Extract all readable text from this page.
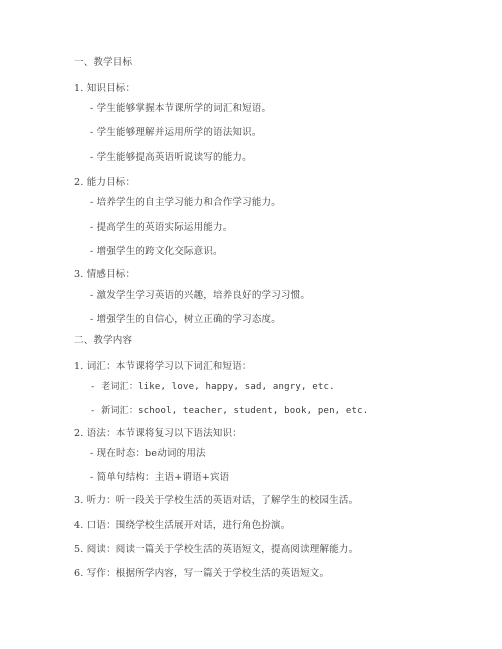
一、教学目标
1. 知识目标：
- 学生能够掌握本节课所学的词汇和短语。
- 学生能够理解并运用所学的语法知识。
- 学生能够提高英语听说读写的能力。
2. 能力目标：
- 培养学生的自主学习能力和合作学习能力。
- 提高学生的英语实际运用能力。
- 增强学生的跨文化交际意识。
3. 情感目标：
- 激发学生学习英语的兴趣，培养良好的学习习惯。
- 增强学生的自信心，树立正确的学习态度。
二、教学内容
1. 词汇：本节课将学习以下词汇和短语：
- 老词汇：like, love, happy, sad, angry, etc.
- 新词汇：school, teacher, student, book, pen, etc.
2. 语法：本节课将复习以下语法知识：
- 现在时态：be动词的用法
- 简单句结构：主语+谓语+宾语
3. 听力：听一段关于学校生活的英语对话，了解学生的校园生活。
4. 口语：围绕学校生活展开对话，进行角色扮演。
5. 阅读：阅读一篇关于学校生活的英语短文，提高阅读理解能力。
6. 写作：根据所学内容，写一篇关于学校生活的英语短文。
